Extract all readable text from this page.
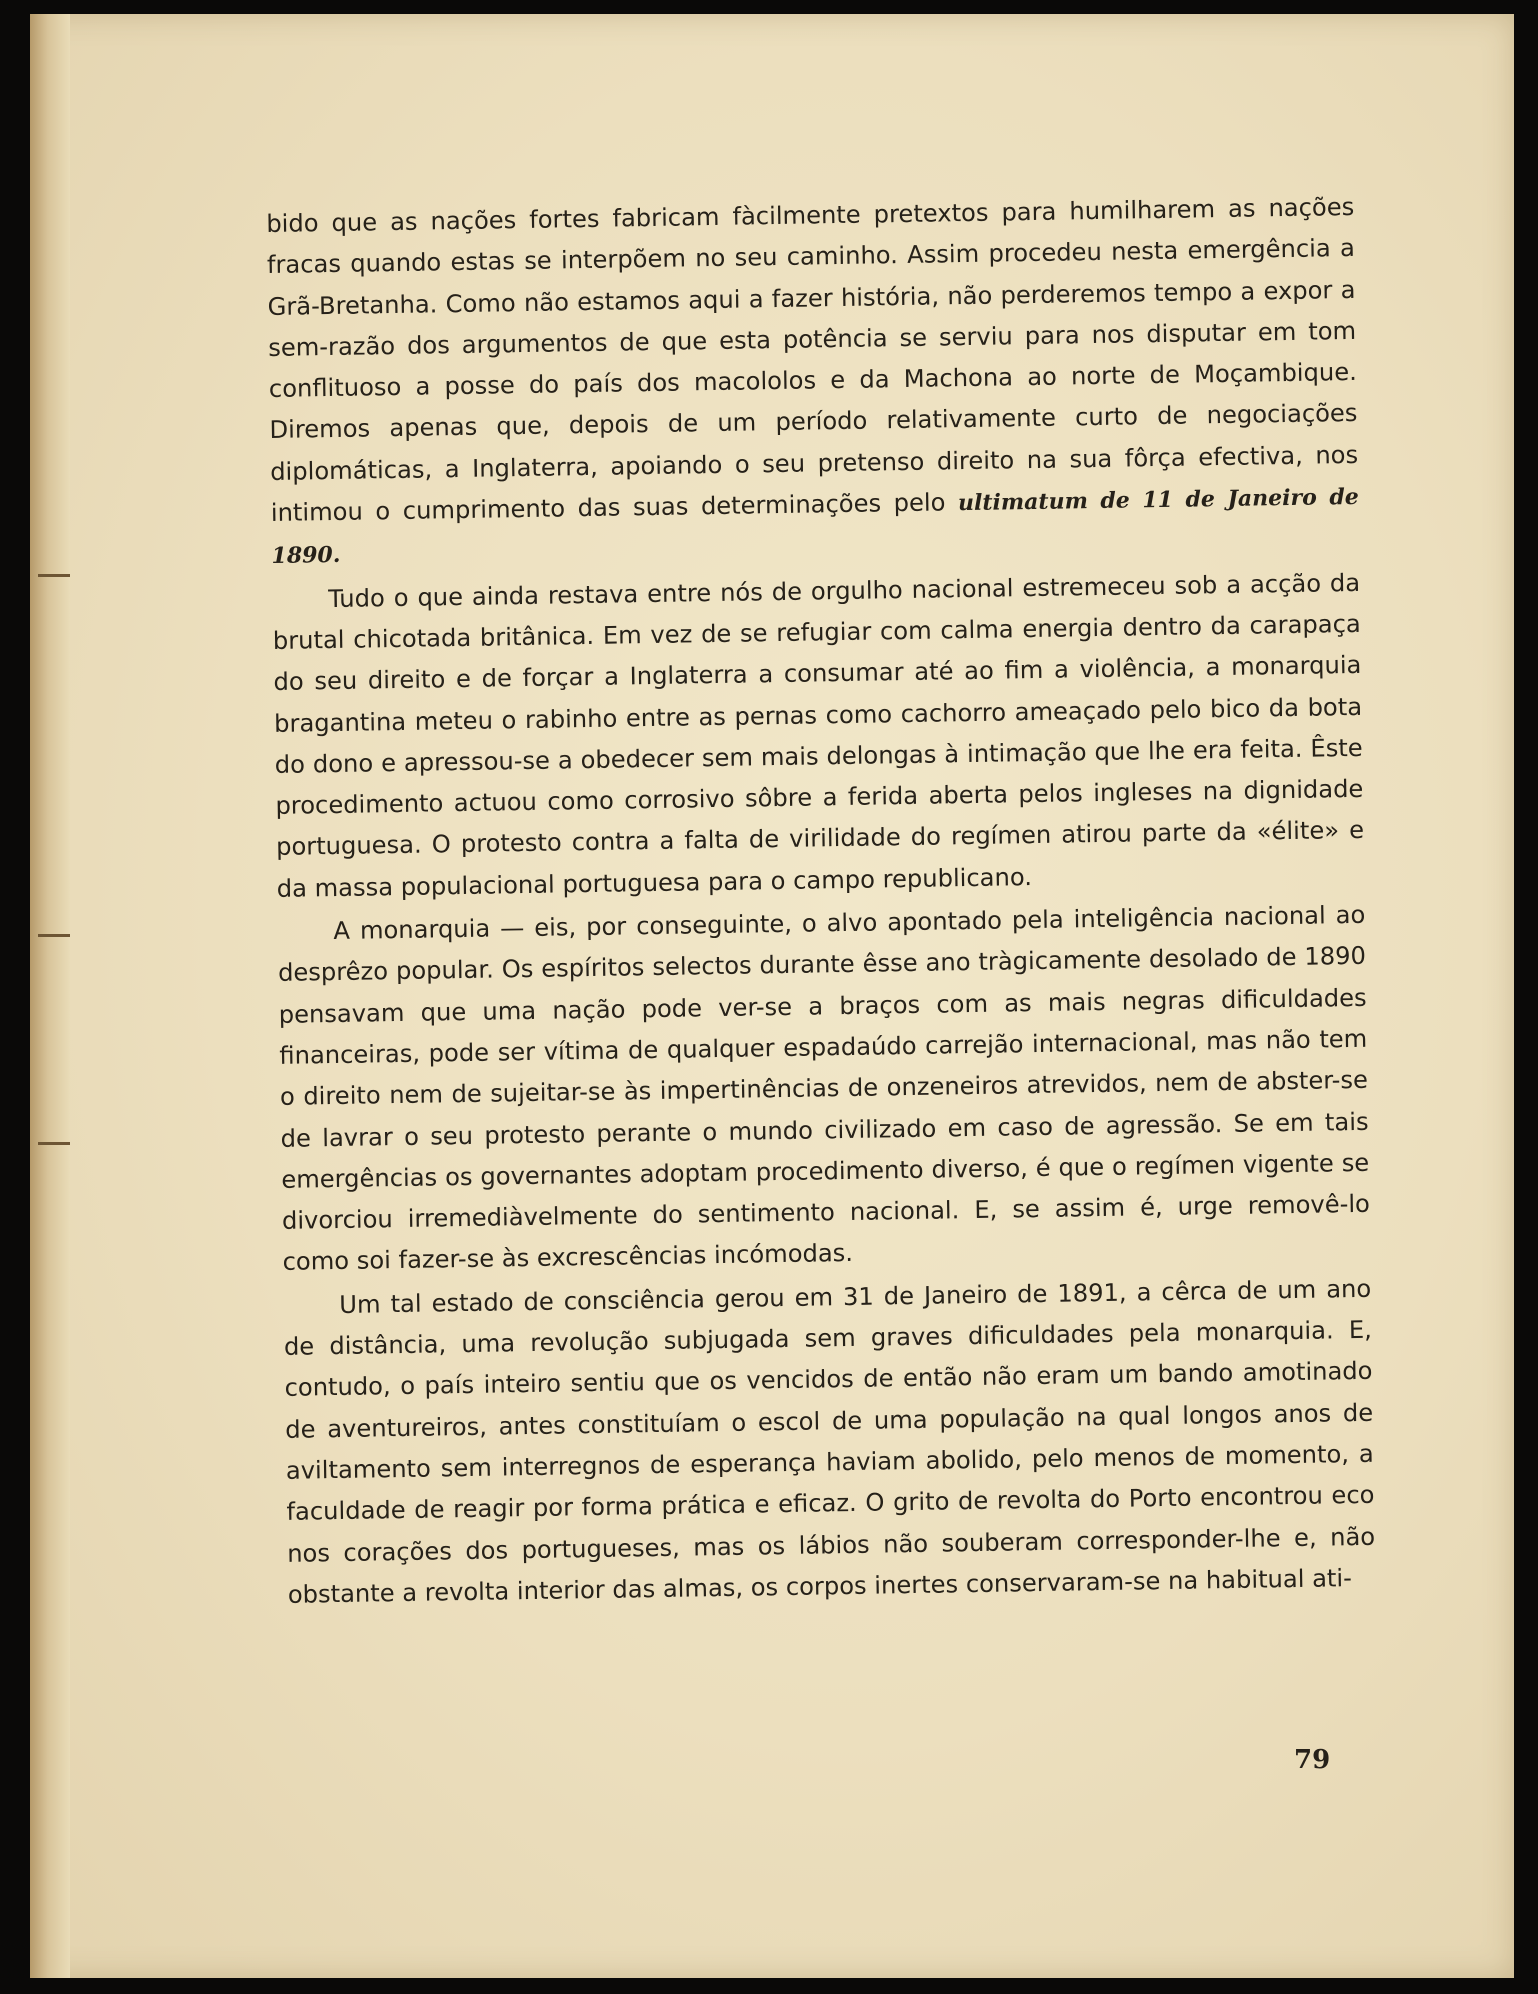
bido que as nações fortes fabricam fàcilmente pretextos para humilharem as nações fracas quando estas se interpõem no seu caminho. Assim procedeu nesta emergência a Grã-Bretanha. Como não estamos aqui a fazer história, não perderemos tempo a expor a sem-razão dos argumentos de que esta potência se serviu para nos disputar em tom conflituoso a posse do país dos macololos e da Machona ao norte de Moçambique. Diremos apenas que, depois de um período relativamente curto de negociações diplomáticas, a Inglaterra, apoiando o seu pretenso direito na sua fôrça efectiva, nos intimou o cumprimento das suas determinações pelo ultimatum de 11 de Janeiro de 1890.

Tudo o que ainda restava entre nós de orgulho nacional estremeceu sob a acção da brutal chicotada britânica. Em vez de se refugiar com calma energia dentro da carapaça do seu direito e de forçar a Inglaterra a consumar até ao fim a violência, a monarquia bragantina meteu o rabinho entre as pernas como cachorro ameaçado pelo bico da bota do dono e apressou-se a obedecer sem mais delongas à intimação que lhe era feita. Êste procedimento actuou como corrosivo sôbre a ferida aberta pelos ingleses na dignidade portuguesa. O protesto contra a falta de virilidade do regímen atirou parte da «élite» e da massa populacional portuguesa para o campo republicano.

A monarquia — eis, por conseguinte, o alvo apontado pela inteligência nacional ao desprêzo popular. Os espíritos selectos durante êsse ano tràgicamente desolado de 1890 pensavam que uma nação pode ver-se a braços com as mais negras dificuldades financeiras, pode ser vítima de qualquer espadaúdo carrejão internacional, mas não tem o direito nem de sujeitar-se às impertinências de onzeneiros atrevidos, nem de abster-se de lavrar o seu protesto perante o mundo civilizado em caso de agressão. Se em tais emergências os governantes adoptam procedimento diverso, é que o regímen vigente se divorciou irremediàvelmente do sentimento nacional. E, se assim é, urge removê-lo como soi fazer-se às excrescências incómodas.

Um tal estado de consciência gerou em 31 de Janeiro de 1891, a cêrca de um ano de distância, uma revolução subjugada sem graves dificuldades pela monarquia. E, contudo, o país inteiro sentiu que os vencidos de então não eram um bando amotinado de aventureiros, antes constituíam o escol de uma população na qual longos anos de aviltamento sem interregnos de esperança haviam abolido, pelo menos de momento, a faculdade de reagir por forma prática e eficaz. O grito de revolta do Porto encontrou eco nos corações dos portugueses, mas os lábios não souberam corresponder-lhe e, não obstante a revolta interior das almas, os corpos inertes conservaram-se na habitual ati-

79
